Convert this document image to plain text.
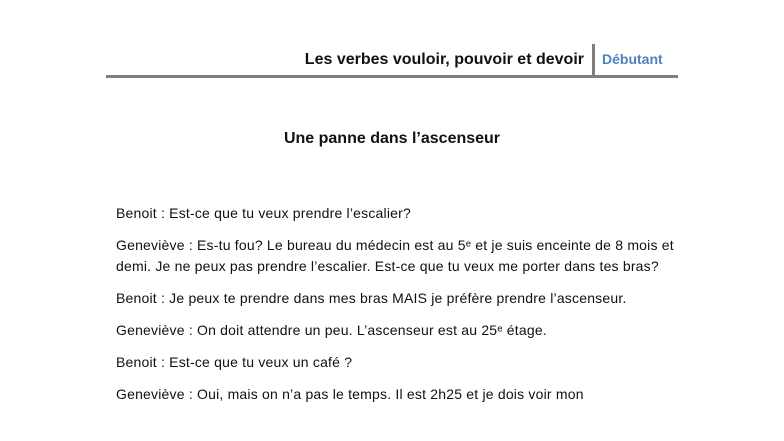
Les verbes vouloir, pouvoir et devoir Débutant
Une panne dans l’ascenseur

Benoit : Est-ce que tu veux prendre l’escalier?

Geneviève : Es-tu fou? Le bureau du médecin est au 5ᵉ et je suis enceinte de 8 mois et demi. Je ne peux pas prendre l’escalier. Est-ce que tu veux me porter dans tes bras?

Benoit : Je peux te prendre dans mes bras MAIS je préfère prendre l’ascenseur.

Geneviève : On doit attendre un peu. L’ascenseur est au 25ᵉ étage.

Benoit : Est-ce que tu veux un café ?

Geneviève : Oui, mais on n’a pas le temps. Il est 2h25 et je dois voir mon
